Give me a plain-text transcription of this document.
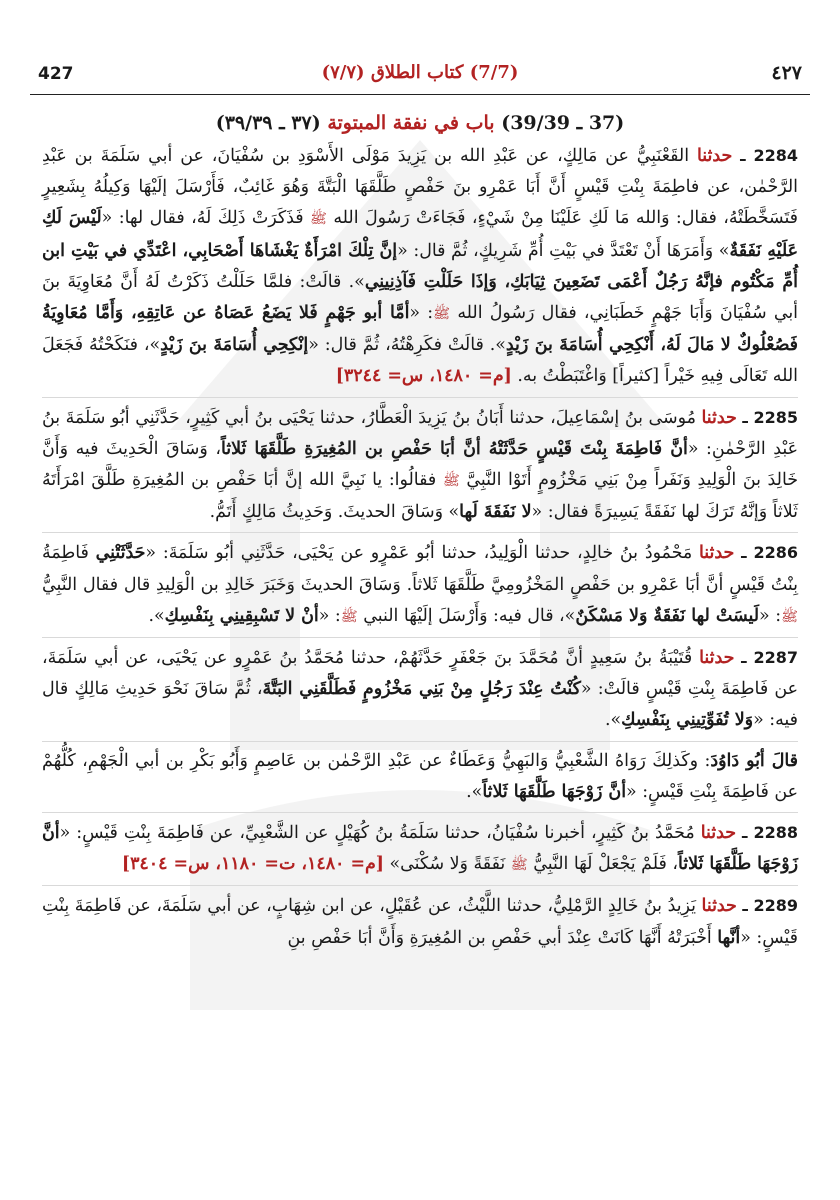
427	(7/7) كتاب الطلاق (٧/٧)	٤٢٧
(37 ـ 39/39) باب في نفقة المبتوتة (٣٧ ـ ٣٩/٣٩)

2284 ـ حدثنا القَعْنَبِيُّ عن مَالِكٍ، عن عَبْدِ الله بن يَزِيدَ مَوْلَى الأَسْوَدِ بن سُفْيَانَ، عن أبي سَلَمَةَ بن عَبْدِ الرَّحْمٰن، عن فاطِمَةَ بِنْتِ قَيْسٍ أَنَّ أَبَا عَمْرِو بنَ حَفْصٍ طَلَّقَهَا الْبَتَّةَ وَهُوَ غَائِبٌ، فَأَرْسَلَ إلَيْهَا وَكِيلُهُ بِشَعِيرٍ فَتَسَخَّطَتْهُ، فقال: وَالله مَا لَكِ عَلَيْنَا مِنْ شَيْءٍ، فَجَاءَتْ رَسُولَ الله ﷺ فَذَكَرَتْ ذَلِكَ لَهُ، فقال لها: «لَيْسَ لَكِ عَلَيْهِ نَفَقَةٌ» وَأَمَرَهَا أَنْ تَعْتَدَّ في بَيْتِ أُمِّ شَرِيكٍ، ثُمَّ قال: «إنَّ تِلْكَ امْرَأَةٌ يَغْشَاهَا أَصْحَابِي، اعْتَدِّي في بَيْتِ ابن أُمِّ مَكْتُوم فإنَّهُ رَجُلٌ أَعْمَى تَضَعِينَ ثِيَابَكِ، وَإذَا حَلَلْتِ فَآذِنِينِي». قالَتْ: فلمَّا حَلَلْتُ ذَكَرْتُ لَهُ أَنَّ مُعَاوِيَةَ بنَ أبي سُفْيَانَ وَأَبَا جَهْمٍ خَطَبَانِي، فقال رَسُولُ الله ﷺ: «أمَّا أبو جَهْمٍ فَلا يَضَعُ عَصَاهُ عن عَاتِقِهِ، وَأَمَّا مُعَاوِيَةُ فَصُعْلُوكٌ لا مَالَ لَهُ، أَنْكِحِي أُسَامَةَ بنَ زَيْدٍ». قالَتْ فكَرِهْتُهُ، ثُمَّ قال: «إنْكِحِي أُسَامَةَ بنَ زَيْدٍ»، فنَكَحْتُهُ فَجَعَلَ الله تَعَالَى فِيهِ خَيْراً [كثيراً] وَاغْتَبَطْتُ به. [م= ١٤٨٠، س= ٣٢٤٤]

2285 ـ حدثنا مُوسَى بنُ إسْمَاعِيلَ، حدثنا أَبَانُ بنُ يَزِيدَ الْعَطَّارُ، حدثنا يَحْيَى بنُ أبي كَثِيرٍ، حَدَّثَنِي أبُو سَلَمَةَ بنُ عَبْدِ الرَّحْمٰنِ: «أنَّ فَاطِمَةَ بِنْتَ قَيْسٍ حَدَّثَتْهُ أنَّ أبَا حَفْصِ بن المُغِيرَةِ طَلَّقَهَا ثَلاثاً، وَسَاقَ الْحَدِيثَ فيه وَأَنَّ خَالِدَ بنَ الْوَلِيدِ وَنَفَراً مِنْ بَنِي مَخْزُومٍ أَتَوْا النَّبِيَّ ﷺ فقالُوا: يا نَبِيَّ الله إنَّ أبَا حَفْصِ بن المُغِيرَةِ طَلَّقَ امْرَأَتَهُ ثَلاثاً وَإنَّهُ تَرَكَ لها نَفَقَةً يَسِيرَةً فقال: «لا نَفَقَةَ لَها» وَسَاقَ الحديثَ. وَحَدِيثُ مَالِكٍ أَتَمُّ.

2286 ـ حدثنا مَحْمُودُ بنُ خالِدٍ، حدثنا الْوَلِيدُ، حدثنا أبُو عَمْرٍو عن يَحْيَى، حَدَّثَنِي أبُو سَلَمَةَ: «حَدَّثَتْنِي فَاطِمَةُ بِنْتُ قَيْسٍ أنَّ أبَا عَمْرِو بن حَفْصٍ المَخْزُومِيَّ طَلَّقَهَا ثَلاثاً. وَسَاقَ الحديثَ وَخَبَرَ خَالِدِ بن الْوَلِيدِ قال فقال النَّبِيُّ ﷺ: «لَيسَتْ لها نَفَقَةٌ وَلا مَسْكَنٌ»، قال فيه: وَأَرْسَلَ إلَيْهَا النبي ﷺ: «أنْ لا تَسْبِقِينِي بِنَفْسِكِ».

2287 ـ حدثنا قُتَيْبَةُ بنُ سَعِيدٍ أنَّ مُحَمَّدَ بنَ جَعْفَرٍ حَدَّثَهُمْ، حدثنا مُحَمَّدُ بنُ عَمْرٍو عن يَحْيَى، عن أبي سَلَمَةَ، عن فَاطِمَةَ بِنْتِ قَيْسٍ قالَتْ: «كُنْتُ عِنْدَ رَجُلٍ مِنْ بَنِي مَخْزُومٍ فَطَلَّقَنِي البَتَّةَ، ثُمَّ سَاقَ نَحْوَ حَدِيثِ مَالِكٍ قال فيه: «وَلا تُفَوِّتِينِي بِنَفْسِكِ».

قالَ أبُو دَاوُدَ: وكَذلِكَ رَوَاهُ الشَّعْبِيُّ وَالبَهِيُّ وَعَطَاءٌ عن عَبْدِ الرَّحْمٰن بن عَاصِمٍ وَأَبُو بَكْرِ بن أبي الْجَهْمِ، كُلُّهُمْ عن فَاطِمَةَ بِنْتِ قَيْسٍ: «أنَّ زَوْجَهَا طَلَّقَهَا ثَلاثاً».

2288 ـ حدثنا مُحَمَّدُ بنُ كَثِيرٍ، أخبرنا سُفْيَانُ، حدثنا سَلَمَةُ بنُ كُهَيْلٍ عن الشَّعْبِيِّ، عن فَاطِمَةَ بِنْتِ قَيْسٍ: «أنَّ زَوْجَهَا طَلَّقَهَا ثَلاثاً، فَلَمْ يَجْعَلْ لَهَا النَّبِيُّ ﷺ نَفَقَةً وَلا سُكْنَى» [م= ١٤٨٠، ت= ١١٨٠، س= ٣٤٠٤]

2289 ـ حدثنا يَزِيدُ بنُ خَالِدٍ الرَّمْلِيُّ، حدثنا اللَّيْثُ، عن عُقَيْلٍ، عن ابن شِهَابٍ، عن أبي سَلَمَةَ، عن فَاطِمَةَ بِنْتِ قَيْسٍ: «أنَّها أَخْبَرَتْهُ أَنَّهَا كَانَتْ عِنْدَ أبي حَفْصِ بن المُغِيرَةِ وَأَنَّ أبَا حَفْصِ بنِ
